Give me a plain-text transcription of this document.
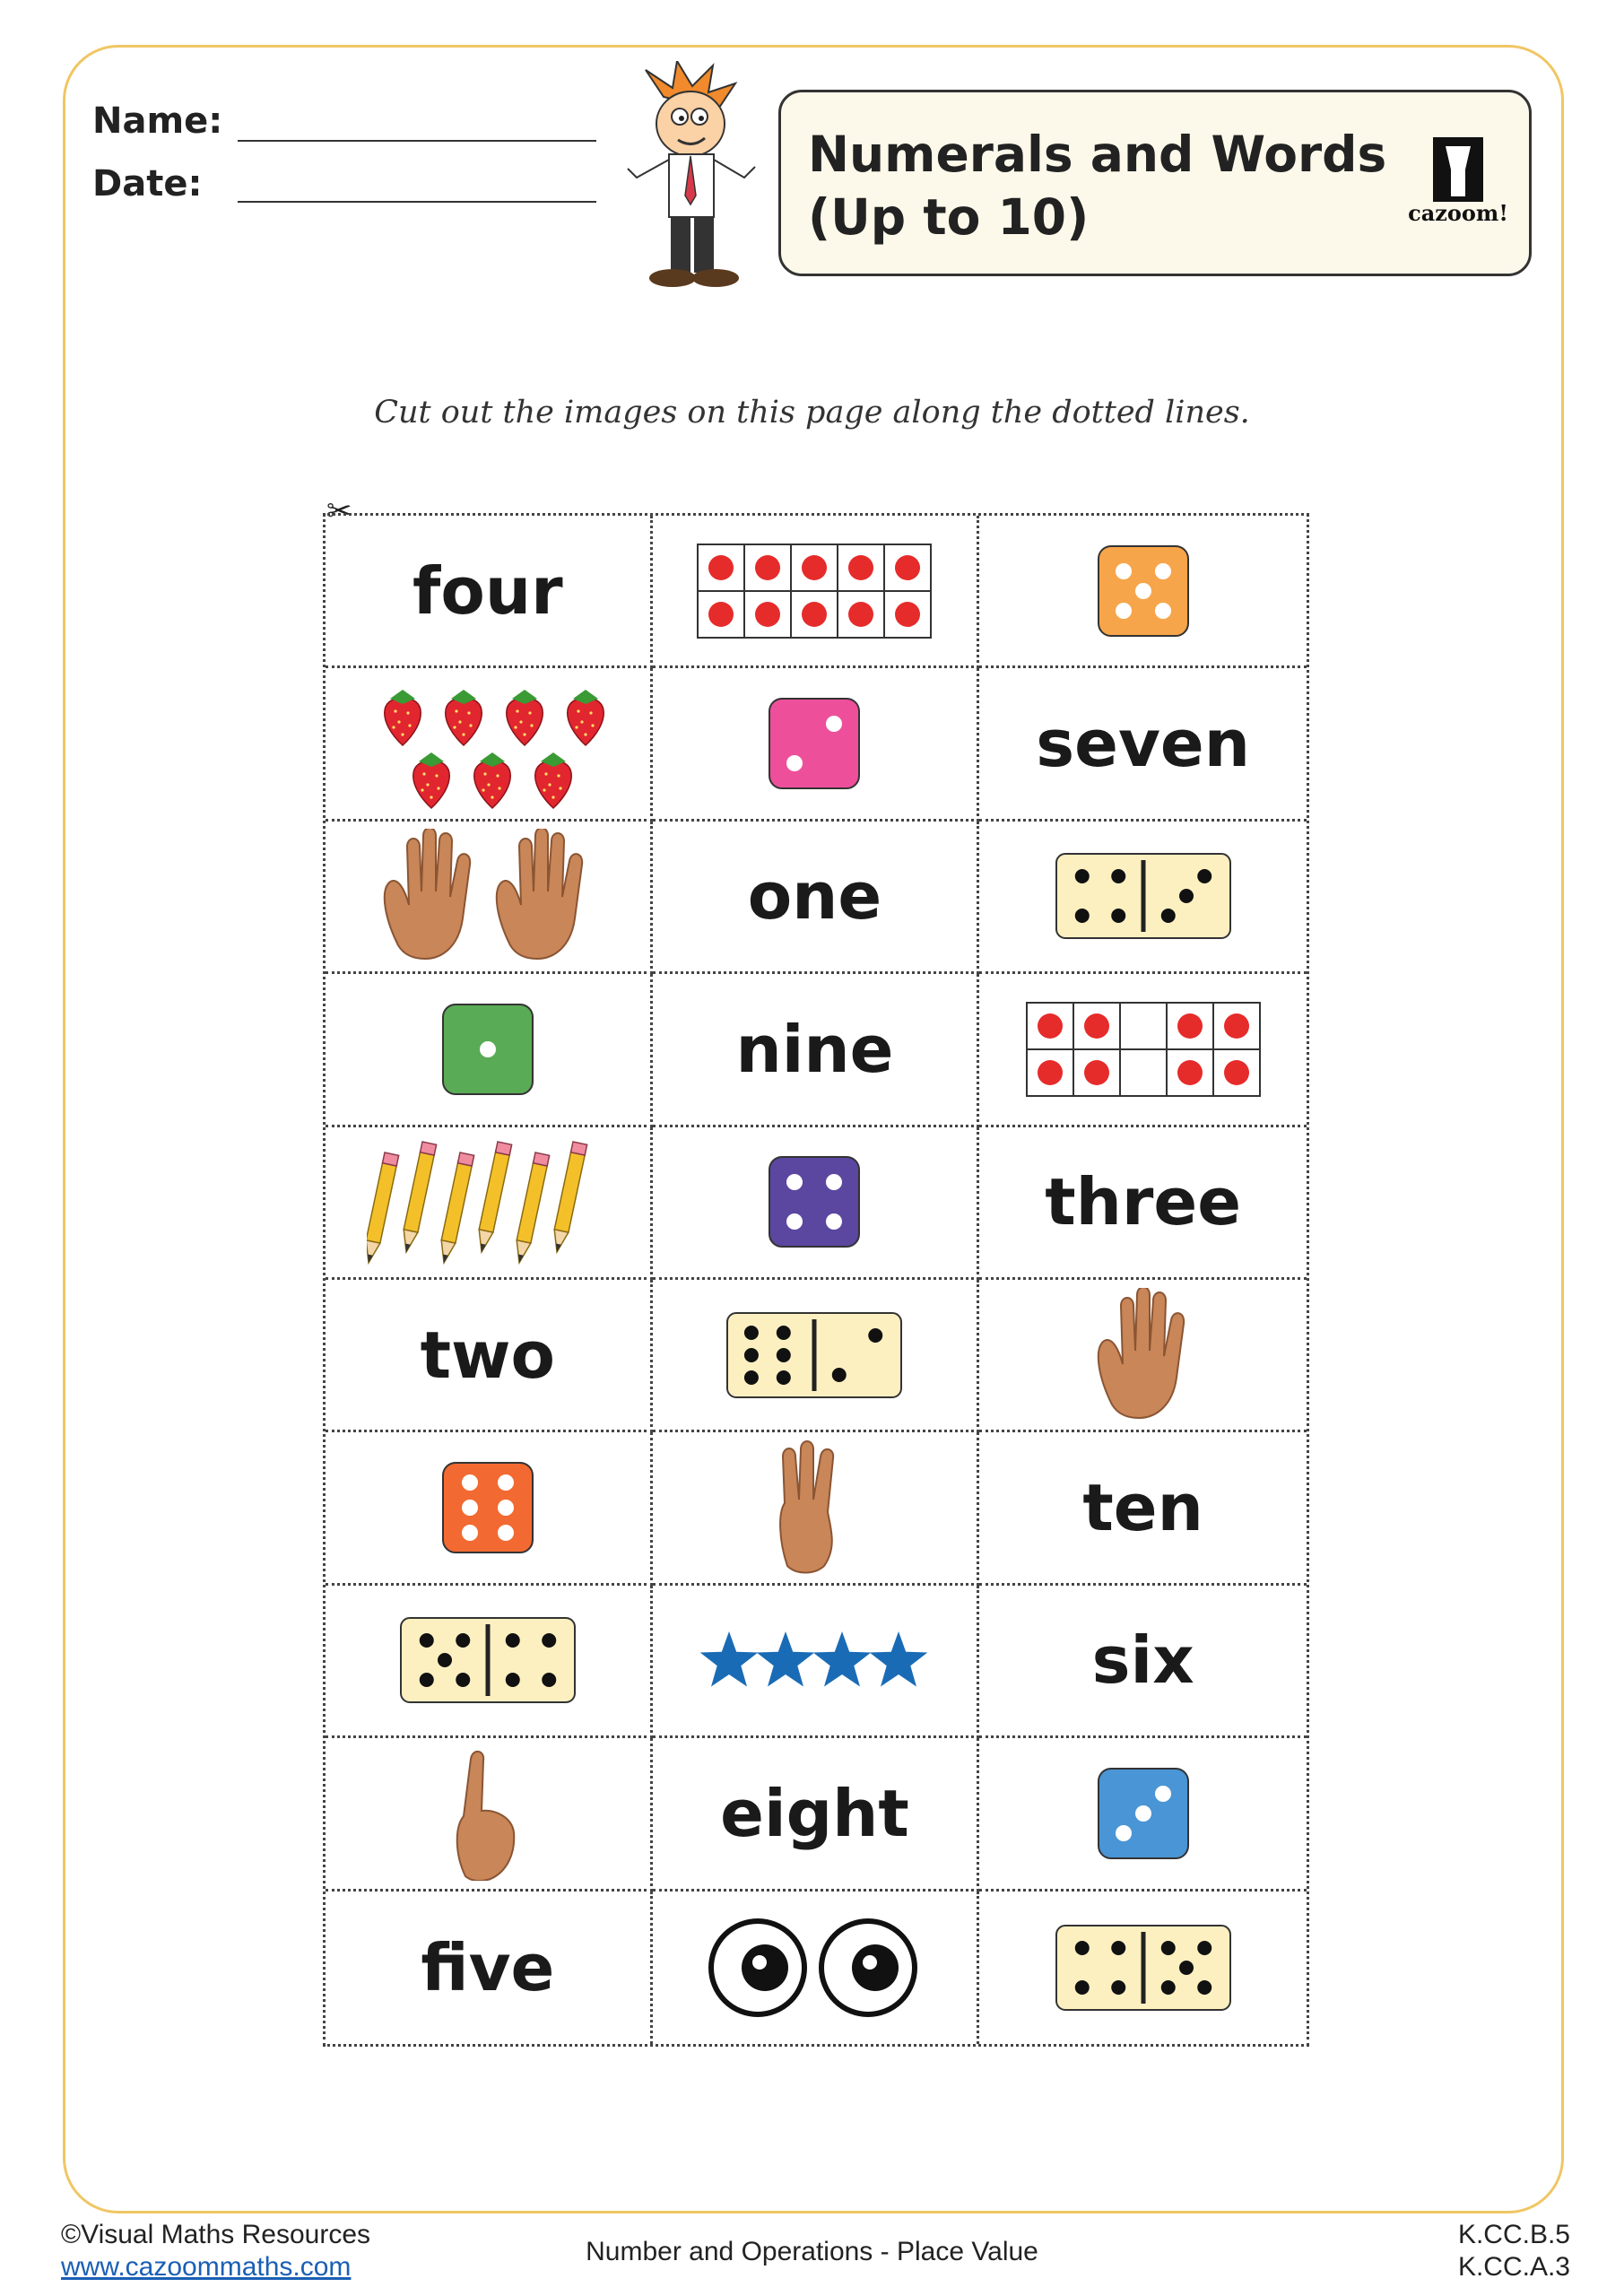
Name:
Date:

Numerals and Words
(Up to 10)	cazoom!
Cut out the images on this page along the dotted lines.
✂
four
seven
one
nine
three
two
ten
six
eight
five
©Visual Maths Resources
www.cazoommaths.com
Number and Operations - Place Value
K.CC.B.5
K.CC.A.3
